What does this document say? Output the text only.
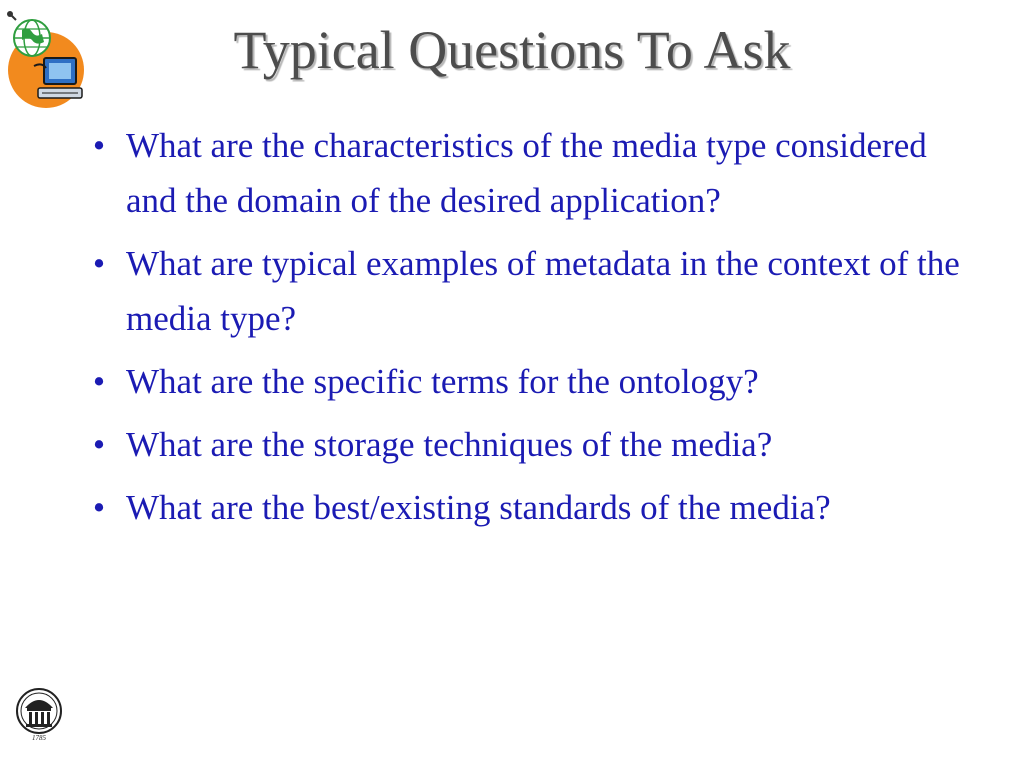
Typical Questions To Ask
• What are the characteristics of the media type considered and the domain of the desired application?
• What are typical examples of metadata in the context of the media type?
• What are the specific terms for the ontology?
• What are the storage techniques of the media?
• What are the best/existing standards of the media?
1785
